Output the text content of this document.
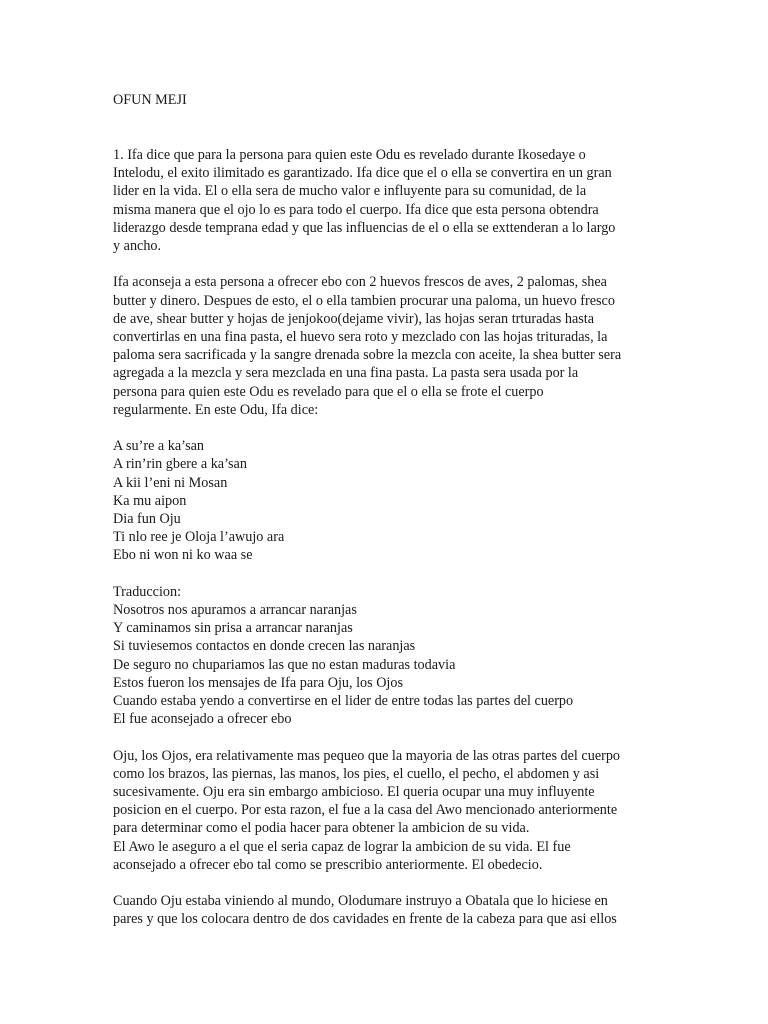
OFUN MEJI
1. Ifa dice que para la persona para quien este Odu es revelado durante Ikosedaye o
Intelodu, el exito ilimitado es garantizado. Ifa dice que el o ella se convertira en un gran
lider en la vida. El o ella sera de mucho valor e influyente para su comunidad, de la
misma manera que el ojo lo es para todo el cuerpo. Ifa dice que esta persona obtendra
liderazgo desde temprana edad y que las influencias de el o ella se exttenderan a lo largo
y ancho.
Ifa aconseja a esta persona a ofrecer ebo con 2 huevos frescos de aves, 2 palomas, shea
butter y dinero. Despues de esto, el o ella tambien procurar una paloma, un huevo fresco
de ave, shear butter y hojas de jenjokoo(dejame vivir), las hojas seran trturadas hasta
convertirlas en una fina pasta, el huevo sera roto y mezclado con las hojas trituradas, la
paloma sera sacrificada y la sangre drenada sobre la mezcla con aceite, la shea butter sera
agregada a la mezcla y sera mezclada en una fina pasta. La pasta sera usada por la
persona para quien este Odu es revelado para que el o ella se frote el cuerpo
regularmente. En este Odu, Ifa dice:
A su’re a ka’san
A rin’rin gbere a ka’san
A kii l’eni ni Mosan
Ka mu aipon
Dia fun Oju
Ti nlo ree je Oloja l’awujo ara
Ebo ni won ni ko waa se
Traduccion:
Nosotros nos apuramos a arrancar naranjas
Y caminamos sin prisa a arrancar naranjas
Si tuviesemos contactos en donde crecen las naranjas
De seguro no chupariamos las que no estan maduras todavia
Estos fueron los mensajes de Ifa para Oju, los Ojos
Cuando estaba yendo a convertirse en el lider de entre todas las partes del cuerpo
El fue aconsejado a ofrecer ebo
Oju, los Ojos, era relativamente mas pequeo que la mayoria de las otras partes del cuerpo
como los brazos, las piernas, las manos, los pies, el cuello, el pecho, el abdomen y asi
sucesivamente. Oju era sin embargo ambicioso. El queria ocupar una muy influyente
posicion en el cuerpo. Por esta razon, el fue a la casa del Awo mencionado anteriormente
para determinar como el podia hacer para obtener la ambicion de su vida.
El Awo le aseguro a el que el seria capaz de lograr la ambicion de su vida. El fue
aconsejado a ofrecer ebo tal como se prescribio anteriormente. El obedecio.
Cuando Oju estaba viniendo al mundo, Olodumare instruyo a Obatala que lo hiciese en
pares y que los colocara dentro de dos cavidades en frente de la cabeza para que asi ellos
